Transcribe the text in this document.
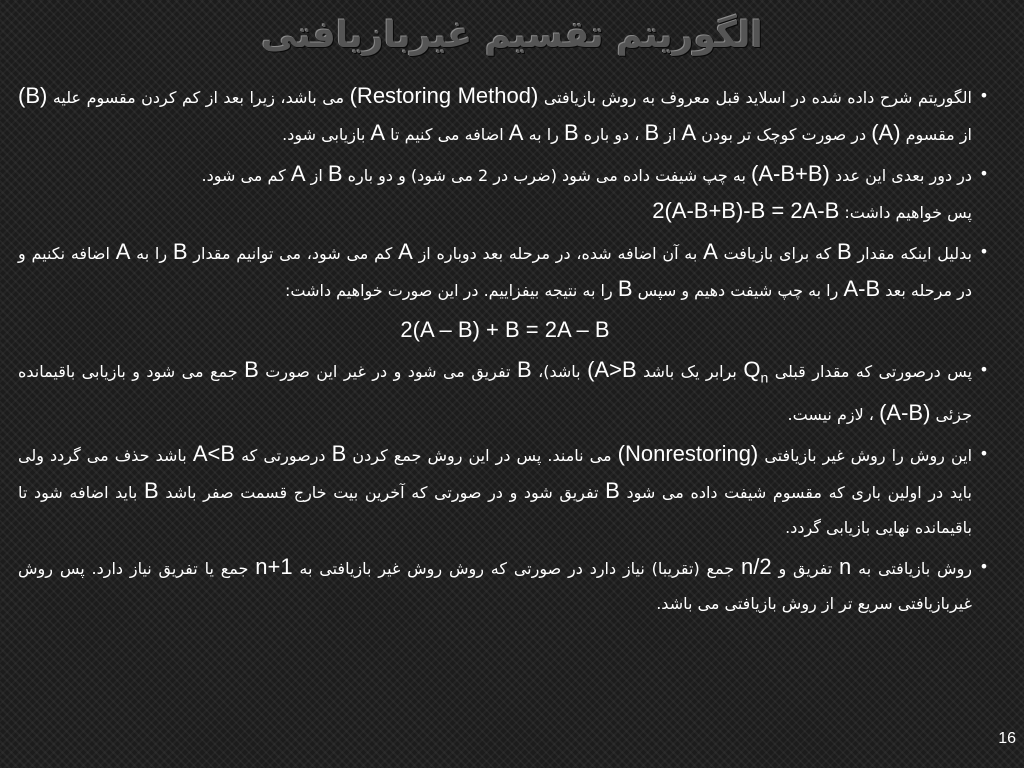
الگوریتم تقسیم غیربازیافتی
•
الگوریتم شرح داده شده در اسلاید قبل معروف به روش بازیافتی (Restoring Method) می باشد، زیرا بعد از کم کردن مقسوم علیه (B) از مقسوم (A) در صورت کوچک تر بودن A از B ، دو باره B را به A اضافه می کنیم تا A بازیابی شود.
•
در دور بعدی این عدد (A-B+B) به چپ شیفت داده می شود (ضرب در 2 می شود) و دو باره B از A کم می شود.
پس خواهیم داشت: 2(A-B+B)-B = 2A-B
•
بدلیل اینکه مقدار B که برای بازیافت A به آن اضافه شده، در مرحله بعد دوباره از A کم می شود، می توانیم مقدار B را به A اضافه نکنیم و در مرحله بعد A-B را به چپ شیفت دهیم و سپس B را به نتیجه بیفزاییم. در این صورت خواهیم داشت:
2(A – B) + B = 2A – B
•
پس درصورتی که مقدار قبلی $Q_n$ برابر یک باشد (A>B باشد)، B تفریق می شود و در غیر این صورت B جمع می شود و بازیابی باقیمانده جزئی (A-B) ، لازم نیست.
•
این روش را روش غیر بازیافتی (Nonrestoring) می نامند. پس در این روش جمع کردن B درصورتی که A<B باشد حذف می گردد ولی باید در اولین باری که مقسوم شیفت داده می شود B تفریق شود و در صورتی که آخرین بیت خارج قسمت صفر باشد B باید اضافه شود تا باقیمانده نهایی بازیابی گردد.
•
روش بازیافتی به n تفریق و n/2 جمع (تقریبا) نیاز دارد در صورتی که روش روش غیر بازیافتی به n+1 جمع یا تفریق نیاز دارد. پس روش غیربازیافتی سریع تر از روش بازیافتی می باشد.
16
